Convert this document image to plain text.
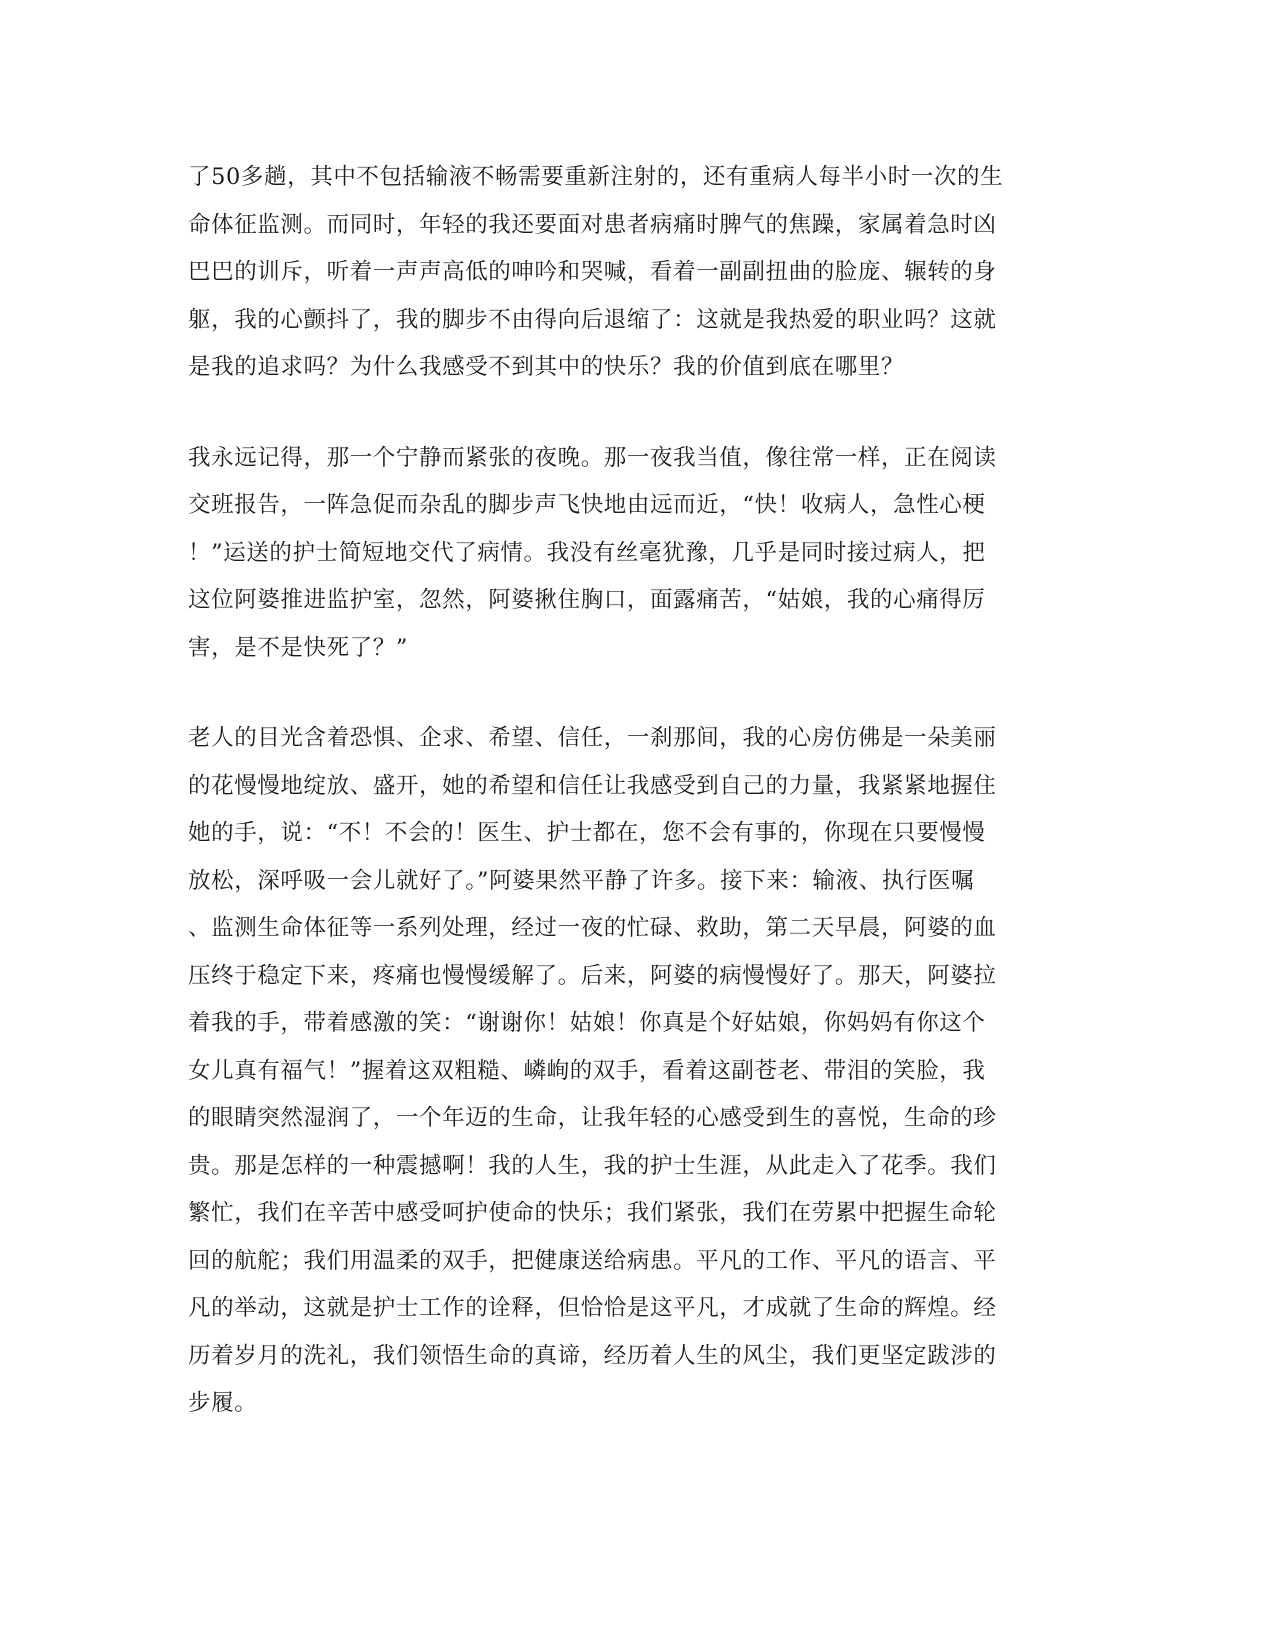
了50多趟，其中不包括输液不畅需要重新注射的，还有重病人每半小时一次的生
命体征监测。而同时，年轻的我还要面对患者病痛时脾气的焦躁，家属着急时凶
巴巴的训斥，听着一声声高低的呻吟和哭喊，看着一副副扭曲的脸庞、辗转的身
躯，我的心颤抖了，我的脚步不由得向后退缩了：这就是我热爱的职业吗？这就
是我的追求吗？为什么我感受不到其中的快乐？我的价值到底在哪里？

我永远记得，那一个宁静而紧张的夜晚。那一夜我当值，像往常一样，正在阅读
交班报告，一阵急促而杂乱的脚步声飞快地由远而近，“快！收病人，急性心梗
！”运送的护士简短地交代了病情。我没有丝毫犹豫，几乎是同时接过病人，把
这位阿婆推进监护室，忽然，阿婆揪住胸口，面露痛苦，“姑娘，我的心痛得厉
害，是不是快死了？”

老人的目光含着恐惧、企求、希望、信任，一刹那间，我的心房仿佛是一朵美丽
的花慢慢地绽放、盛开，她的希望和信任让我感受到自己的力量，我紧紧地握住
她的手，说：“不！不会的！医生、护士都在，您不会有事的，你现在只要慢慢
放松，深呼吸一会儿就好了。”阿婆果然平静了许多。接下来：输液、执行医嘱
、监测生命体征等一系列处理，经过一夜的忙碌、救助，第二天早晨，阿婆的血
压终于稳定下来，疼痛也慢慢缓解了。后来，阿婆的病慢慢好了。那天，阿婆拉
着我的手，带着感激的笑：“谢谢你！姑娘！你真是个好姑娘，你妈妈有你这个
女儿真有福气！”握着这双粗糙、嶙峋的双手，看着这副苍老、带泪的笑脸，我
的眼睛突然湿润了，一个年迈的生命，让我年轻的心感受到生的喜悦，生命的珍
贵。那是怎样的一种震撼啊！我的人生，我的护士生涯，从此走入了花季。我们
繁忙，我们在辛苦中感受呵护使命的快乐；我们紧张，我们在劳累中把握生命轮
回的航舵；我们用温柔的双手，把健康送给病患。平凡的工作、平凡的语言、平
凡的举动，这就是护士工作的诠释，但恰恰是这平凡，才成就了生命的辉煌。经
历着岁月的洗礼，我们领悟生命的真谛，经历着人生的风尘，我们更坚定跋涉的
步履。
